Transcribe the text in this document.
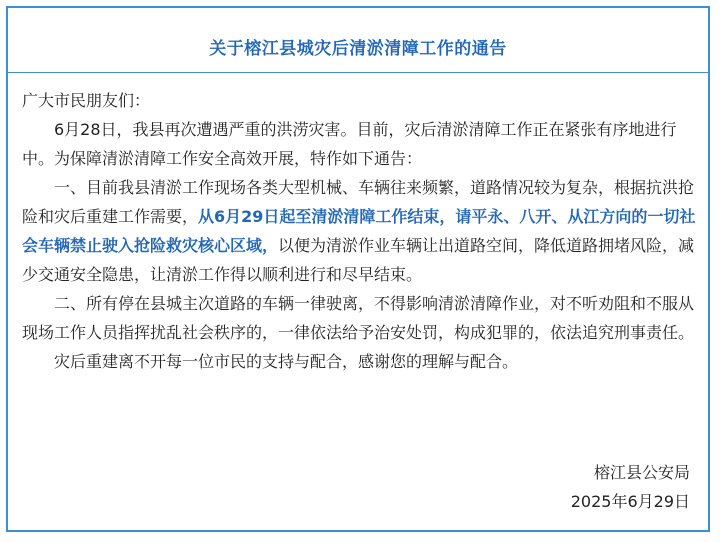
关于榕江县城灾后清淤清障工作的通告

广大市民朋友们：

6月28日，我县再次遭遇严重的洪涝灾害。目前，灾后清淤清障工作正在紧张有序地进行中。为保障清淤清障工作安全高效开展，特作如下通告：

一、目前我县清淤工作现场各类大型机械、车辆往来频繁，道路情况较为复杂，根据抗洪抢险和灾后重建工作需要，从6月29日起至清淤清障工作结束，请平永、八开、从江方向的一切社会车辆禁止驶入抢险救灾核心区域，以便为清淤作业车辆让出道路空间，降低道路拥堵风险，减少交通安全隐患，让清淤工作得以顺利进行和尽早结束。

二、所有停在县城主次道路的车辆一律驶离，不得影响清淤清障作业，对不听劝阻和不服从现场工作人员指挥扰乱社会秩序的，一律依法给予治安处罚，构成犯罪的，依法追究刑事责任。

灾后重建离不开每一位市民的支持与配合，感谢您的理解与配合。

榕江县公安局
2025年6月29日
